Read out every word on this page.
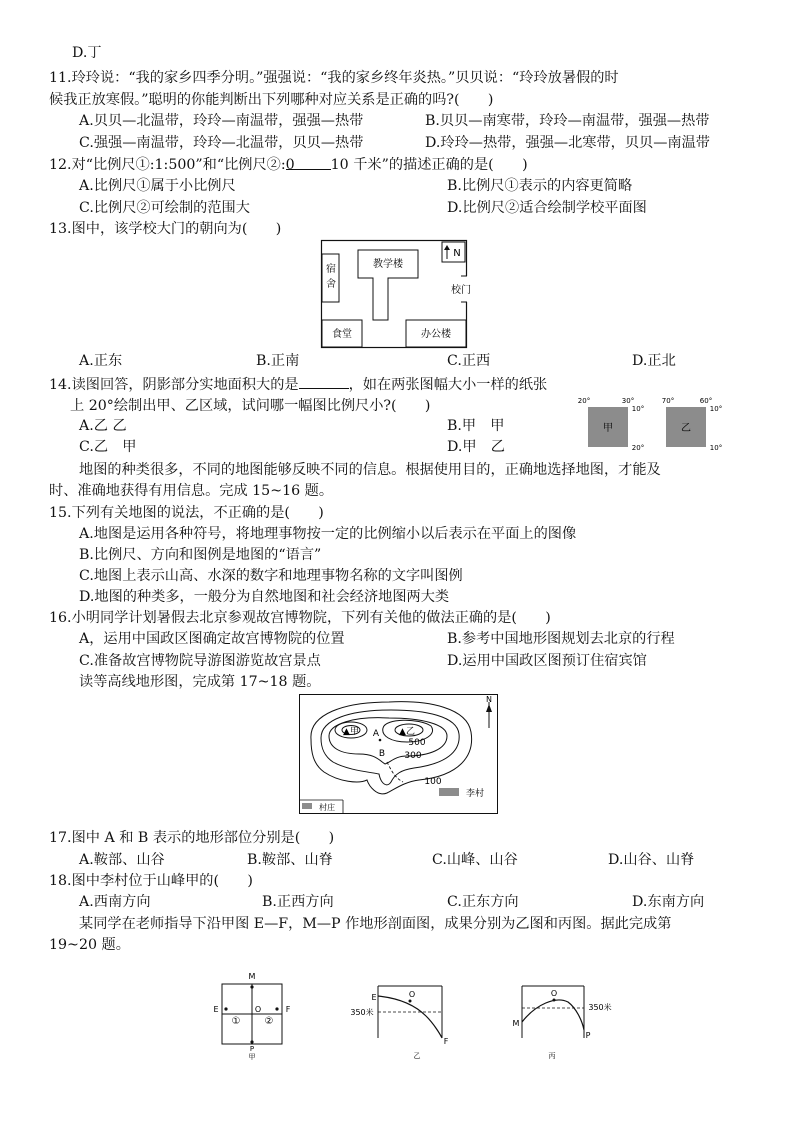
D.丁
11.玲玲说：“我的家乡四季分明。”强强说：“我的家乡终年炎热。”贝贝说：“玲玲放暑假的时
候我正放寒假。”聪明的你能判断出下列哪种对应关系是正确的吗?(　　)
A.贝贝—北温带，玲玲—南温带，强强—热带	B.贝贝—南寒带，玲玲—南温带，强强—热带
C.强强—南温带，玲玲—北温带，贝贝—热带	D.玲玲—热带，强强—北寒带，贝贝—南温带
12.对“比例尺①:1:500”和“比例尺②:0	10 千米”的描述正确的是(　　)
A.比例尺①属于小比例尺	B.比例尺①表示的内容更简略
C.比例尺②可绘制的范围大	D.比例尺②适合绘制学校平面图
13.图中，该学校大门的朝向为(　　)
教学楼
宿
舍
食堂	办公楼
N
校门
A.正东	B.正南	C.正西	D.正北
14.读图回答，阴影部分实地面积大的是	，如在两张图幅大小一样的纸张
上 20°绘制出甲、乙区域，试问哪一幅图比例尺小?(　　)
A.乙 乙	B.甲　甲
C.乙　甲	D.甲　乙
20°	30°
10°
20°
甲
70°	60°
10°
10°
乙
地图的种类很多，不同的地图能够反映不同的信息。根据使用目的，正确地选择地图，才能及
时、准确地获得有用信息。完成 15~16 题。
15.下列有关地图的说法，不正确的是(　　)
A.地图是运用各种符号，将地理事物按一定的比例缩小以后表示在平面上的图像
B.比例尺、方向和图例是地图的“语言”
C.地图上表示山高、水深的数字和地理事物名称的文字叫图例
D.地图的种类多，一般分为自然地图和社会经济地图两大类
16.小明同学计划暑假去北京参观故宫博物院，下列有关他的做法正确的是(　　)
A，运用中国政区图确定故宫博物院的位置	B.参考中国地形图规划去北京的行程
C.准备故宫博物院导游图游览故宫景点	D.运用中国政区图预订住宿宾馆
读等高线地形图，完成第 17~18 题。
▲甲	▲乙
A
B
500
300
100
N
李村
村庄
17.图中 A 和 B 表示的地形部位分别是(　　)
A.鞍部、山谷	B.鞍部、山脊	C.山峰、山谷	D.山谷、山脊
18.图中李村位于山峰甲的(　　)
A.西南方向	B.正西方向	C.正东方向	D.东南方向
某同学在老师指导下沿甲图 E—F，M—P 作地形剖面图，成果分别为乙图和丙图。据此完成第
19~20 题。
M
E	F
O
① ②
P
甲
O
E
F
350米
乙
O
M
P
350米
丙
